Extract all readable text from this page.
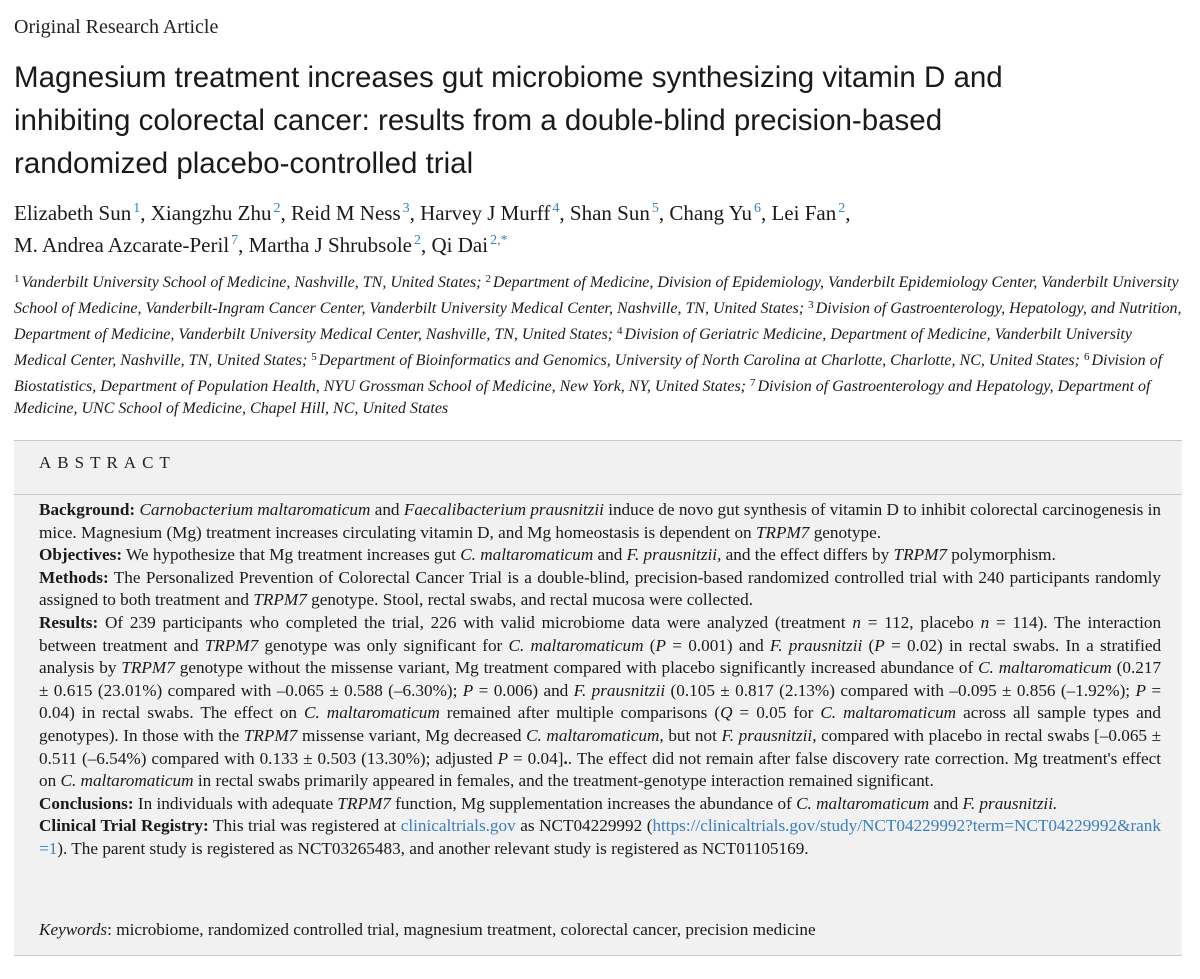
Original Research Article
Magnesium treatment increases gut microbiome synthesizing vitamin D and
inhibiting colorectal cancer: results from a double-blind precision-based
randomized placebo-controlled trial
Elizabeth Sun $^1$, Xiangzhu Zhu $^2$, Reid M Ness $^3$, Harvey J Murff $^4$, Shan Sun $^5$, Chang Yu $^6$, Lei Fan $^2$,
M. Andrea Azcarate-Peril $^7$, Martha J Shrubsole $^2$, Qi Dai $^{2,*}$
$^1$ Vanderbilt University School of Medicine, Nashville, TN, United States; $^2$ Department of Medicine, Division of Epidemiology, Vanderbilt Epidemiology Center, Vanderbilt University School of Medicine, Vanderbilt-Ingram Cancer Center, Vanderbilt University Medical Center, Nashville, TN, United States; $^3$ Division of Gastroenterology, Hepatology, and Nutrition, Department of Medicine, Vanderbilt University Medical Center, Nashville, TN, United States; $^4$ Division of Geriatric Medicine, Department of Medicine, Vanderbilt University Medical Center, Nashville, TN, United States; $^5$ Department of Bioinformatics and Genomics, University of North Carolina at Charlotte, Charlotte, NC, United States; $^6$ Division of Biostatistics, Department of Population Health, NYU Grossman School of Medicine, New York, NY, United States; $^7$ Division of Gastroenterology and Hepatology, Department of Medicine, UNC School of Medicine, Chapel Hill, NC, United States
ABSTRACT

Background: Carnobacterium maltaromaticum and Faecalibacterium prausnitzii induce de novo gut synthesis of vitamin D to inhibit colorectal carcinogenesis in mice. Magnesium (Mg) treatment increases circulating vitamin D, and Mg homeostasis is dependent on TRPM7 genotype.

Objectives: We hypothesize that Mg treatment increases gut C. maltaromaticum and F. prausnitzii, and the effect differs by TRPM7 polymorphism.

Methods: The Personalized Prevention of Colorectal Cancer Trial is a double-blind, precision-based randomized controlled trial with 240 participants randomly assigned to both treatment and TRPM7 genotype. Stool, rectal swabs, and rectal mucosa were collected.

Results: Of 239 participants who completed the trial, 226 with valid microbiome data were analyzed (treatment n = 112, placebo n = 114). The interaction between treatment and TRPM7 genotype was only significant for C. maltaromaticum (P = 0.001) and F. prausnitzii (P = 0.02) in rectal swabs. In a stratified analysis by TRPM7 genotype without the missense variant, Mg treatment compared with placebo significantly increased abundance of C. maltaromaticum (0.217 ± 0.615 (23.01%) compared with –0.065 ± 0.588 (–6.30%); P = 0.006) and F. prausnitzii (0.105 ± 0.817 (2.13%) compared with –0.095 ± 0.856 (–1.92%); P = 0.04) in rectal swabs. The effect on C. maltaromaticum remained after multiple comparisons (Q = 0.05 for C. maltaromaticum across all sample types and genotypes). In those with the TRPM7 missense variant, Mg decreased C. maltaromaticum, but not F. prausnitzii, compared with placebo in rectal swabs [–0.065 ± 0.511 (–6.54%) compared with 0.133 ± 0.503 (13.30%); adjusted P = 0.04].. The effect did not remain after false discovery rate correction. Mg treatment's effect on C. maltaromaticum in rectal swabs primarily appeared in females, and the treatment-genotype interaction remained significant.

Conclusions: In individuals with adequate TRPM7 function, Mg supplementation increases the abundance of C. maltaromaticum and F. prausnitzii.

Clinical Trial Registry: This trial was registered at clinicaltrials.gov as NCT04229992 (https://clinicaltrials.gov/study/NCT04229992?term=NCT04229992&rank=1). The parent study is registered as NCT03265483, and another relevant study is registered as NCT01105169.

Keywords: microbiome, randomized controlled trial, magnesium treatment, colorectal cancer, precision medicine
